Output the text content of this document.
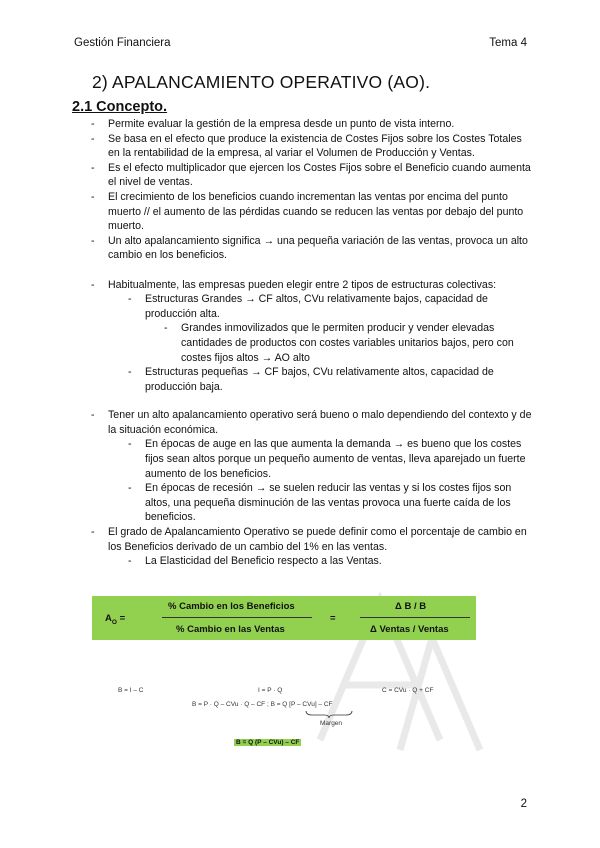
Gestión Financiera	Tema 4
2) APALANCAMIENTO OPERATIVO (AO).
2.1 Concepto.
- Permite evaluar la gestión de la empresa desde un punto de vista interno.
- Se basa en el efecto que produce la existencia de Costes Fijos sobre los Costes Totales en la rentabilidad de la empresa, al variar el Volumen de Producción y Ventas.
- Es el efecto multiplicador que ejercen los Costes Fijos sobre el Beneficio cuando aumenta el nivel de ventas.
- El crecimiento de los beneficios cuando incrementan las ventas por encima del punto muerto // el aumento de las pérdidas cuando se reducen las ventas por debajo del punto muerto.
- Un alto apalancamiento significa → una pequeña variación de las ventas, provoca un alto cambio en los beneficios.
- Habitualmente, las empresas pueden elegir entre 2 tipos de estructuras colectivas:
- Estructuras Grandes → CF altos, CVu relativamente bajos, capacidad de producción alta.
- Grandes inmovilizados que le permiten producir y vender elevadas cantidades de productos con costes variables unitarios bajos, pero con costes fijos altos → AO alto
- Estructuras pequeñas → CF bajos, CVu relativamente altos, capacidad de producción baja.
- Tener un alto apalancamiento operativo será bueno o malo dependiendo del contexto y de la situación económica.
- En épocas de auge en las que aumenta la demanda → es bueno que los costes fijos sean altos porque un pequeño aumento de ventas, lleva aparejado un fuerte aumento de los beneficios.
- En épocas de recesión → se suelen reducir las ventas y si los costes fijos son altos, una pequeña disminución de las ventas provoca una fuerte caída de los beneficios.
- El grado de Apalancamiento Operativo se puede definir como el porcentaje de cambio en los Beneficios derivado de un cambio del 1% en las ventas.
- La Elasticidad del Beneficio respecto a las Ventas.
$A_O$ =
% Cambio en los Beneficios
% Cambio en las Ventas
=
Δ B / B
Δ Ventas / Ventas
B = I – C	I = P · Q	C = CVu · Q + CF
B = P · Q – CVu · Q – CF ; B = Q [P – CVu] – CF
Margen
B = Q (P – CVu) – CF
2
